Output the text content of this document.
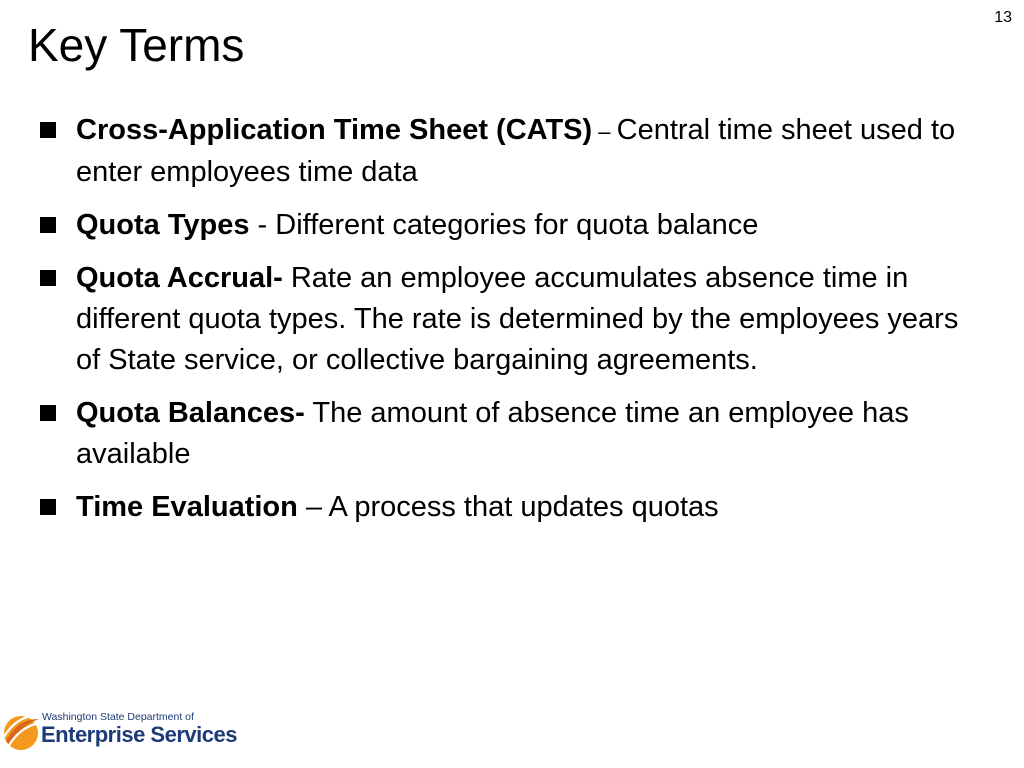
13
Key Terms
Cross-Application Time Sheet (CATS) – Central time sheet used to enter employees time data
Quota Types - Different categories for quota balance
Quota Accrual- Rate an employee accumulates absence time in different quota types. The rate is determined by the employees years of State service, or collective bargaining agreements.
Quota Balances- The amount of absence time an employee has available
Time Evaluation – A process that updates quotas
Washington State Department of
Enterprise Services
